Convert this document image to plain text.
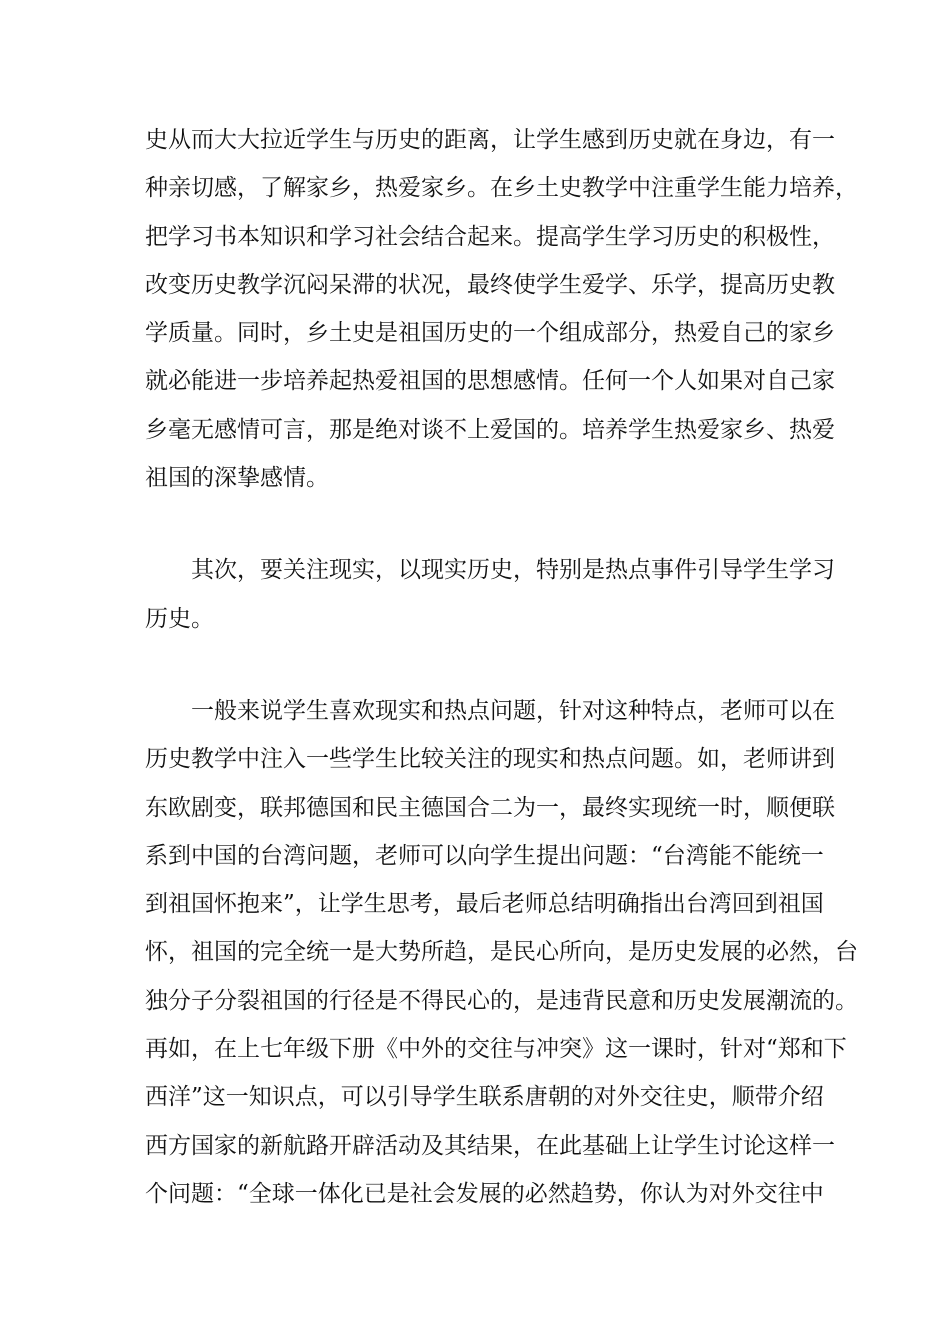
史从而大大拉近学生与历史的距离，让学生感到历史就在身边，有一
种亲切感，了解家乡，热爱家乡。在乡土史教学中注重学生能力培养，
把学习书本知识和学习社会结合起来。提高学生学习历史的积极性，
改变历史教学沉闷呆滞的状况，最终使学生爱学、乐学，提高历史教
学质量。同时，乡土史是祖国历史的一个组成部分，热爱自己的家乡
就必能进一步培养起热爱祖国的思想感情。任何一个人如果对自己家
乡毫无感情可言，那是绝对谈不上爱国的。培养学生热爱家乡、热爱
祖国的深挚感情。
其次，要关注现实，以现实历史，特别是热点事件引导学生学习
历史。
一般来说学生喜欢现实和热点问题，针对这种特点，老师可以在
历史教学中注入一些学生比较关注的现实和热点问题。如，老师讲到
东欧剧变，联邦德国和民主德国合二为一，最终实现统一时，顺便联
系到中国的台湾问题，老师可以向学生提出问题：“台湾能不能统一
到祖国怀抱来”，让学生思考，最后老师总结明确指出台湾回到祖国
怀，祖国的完全统一是大势所趋，是民心所向，是历史发展的必然，台
独分子分裂祖国的行径是不得民心的，是违背民意和历史发展潮流的。
再如，在上七年级下册《中外的交往与冲突》这一课时，针对“郑和下
西洋”这一知识点，可以引导学生联系唐朝的对外交往史，顺带介绍
西方国家的新航路开辟活动及其结果，在此基础上让学生讨论这样一
个问题：“全球一体化已是社会发展的必然趋势，你认为对外交往中
